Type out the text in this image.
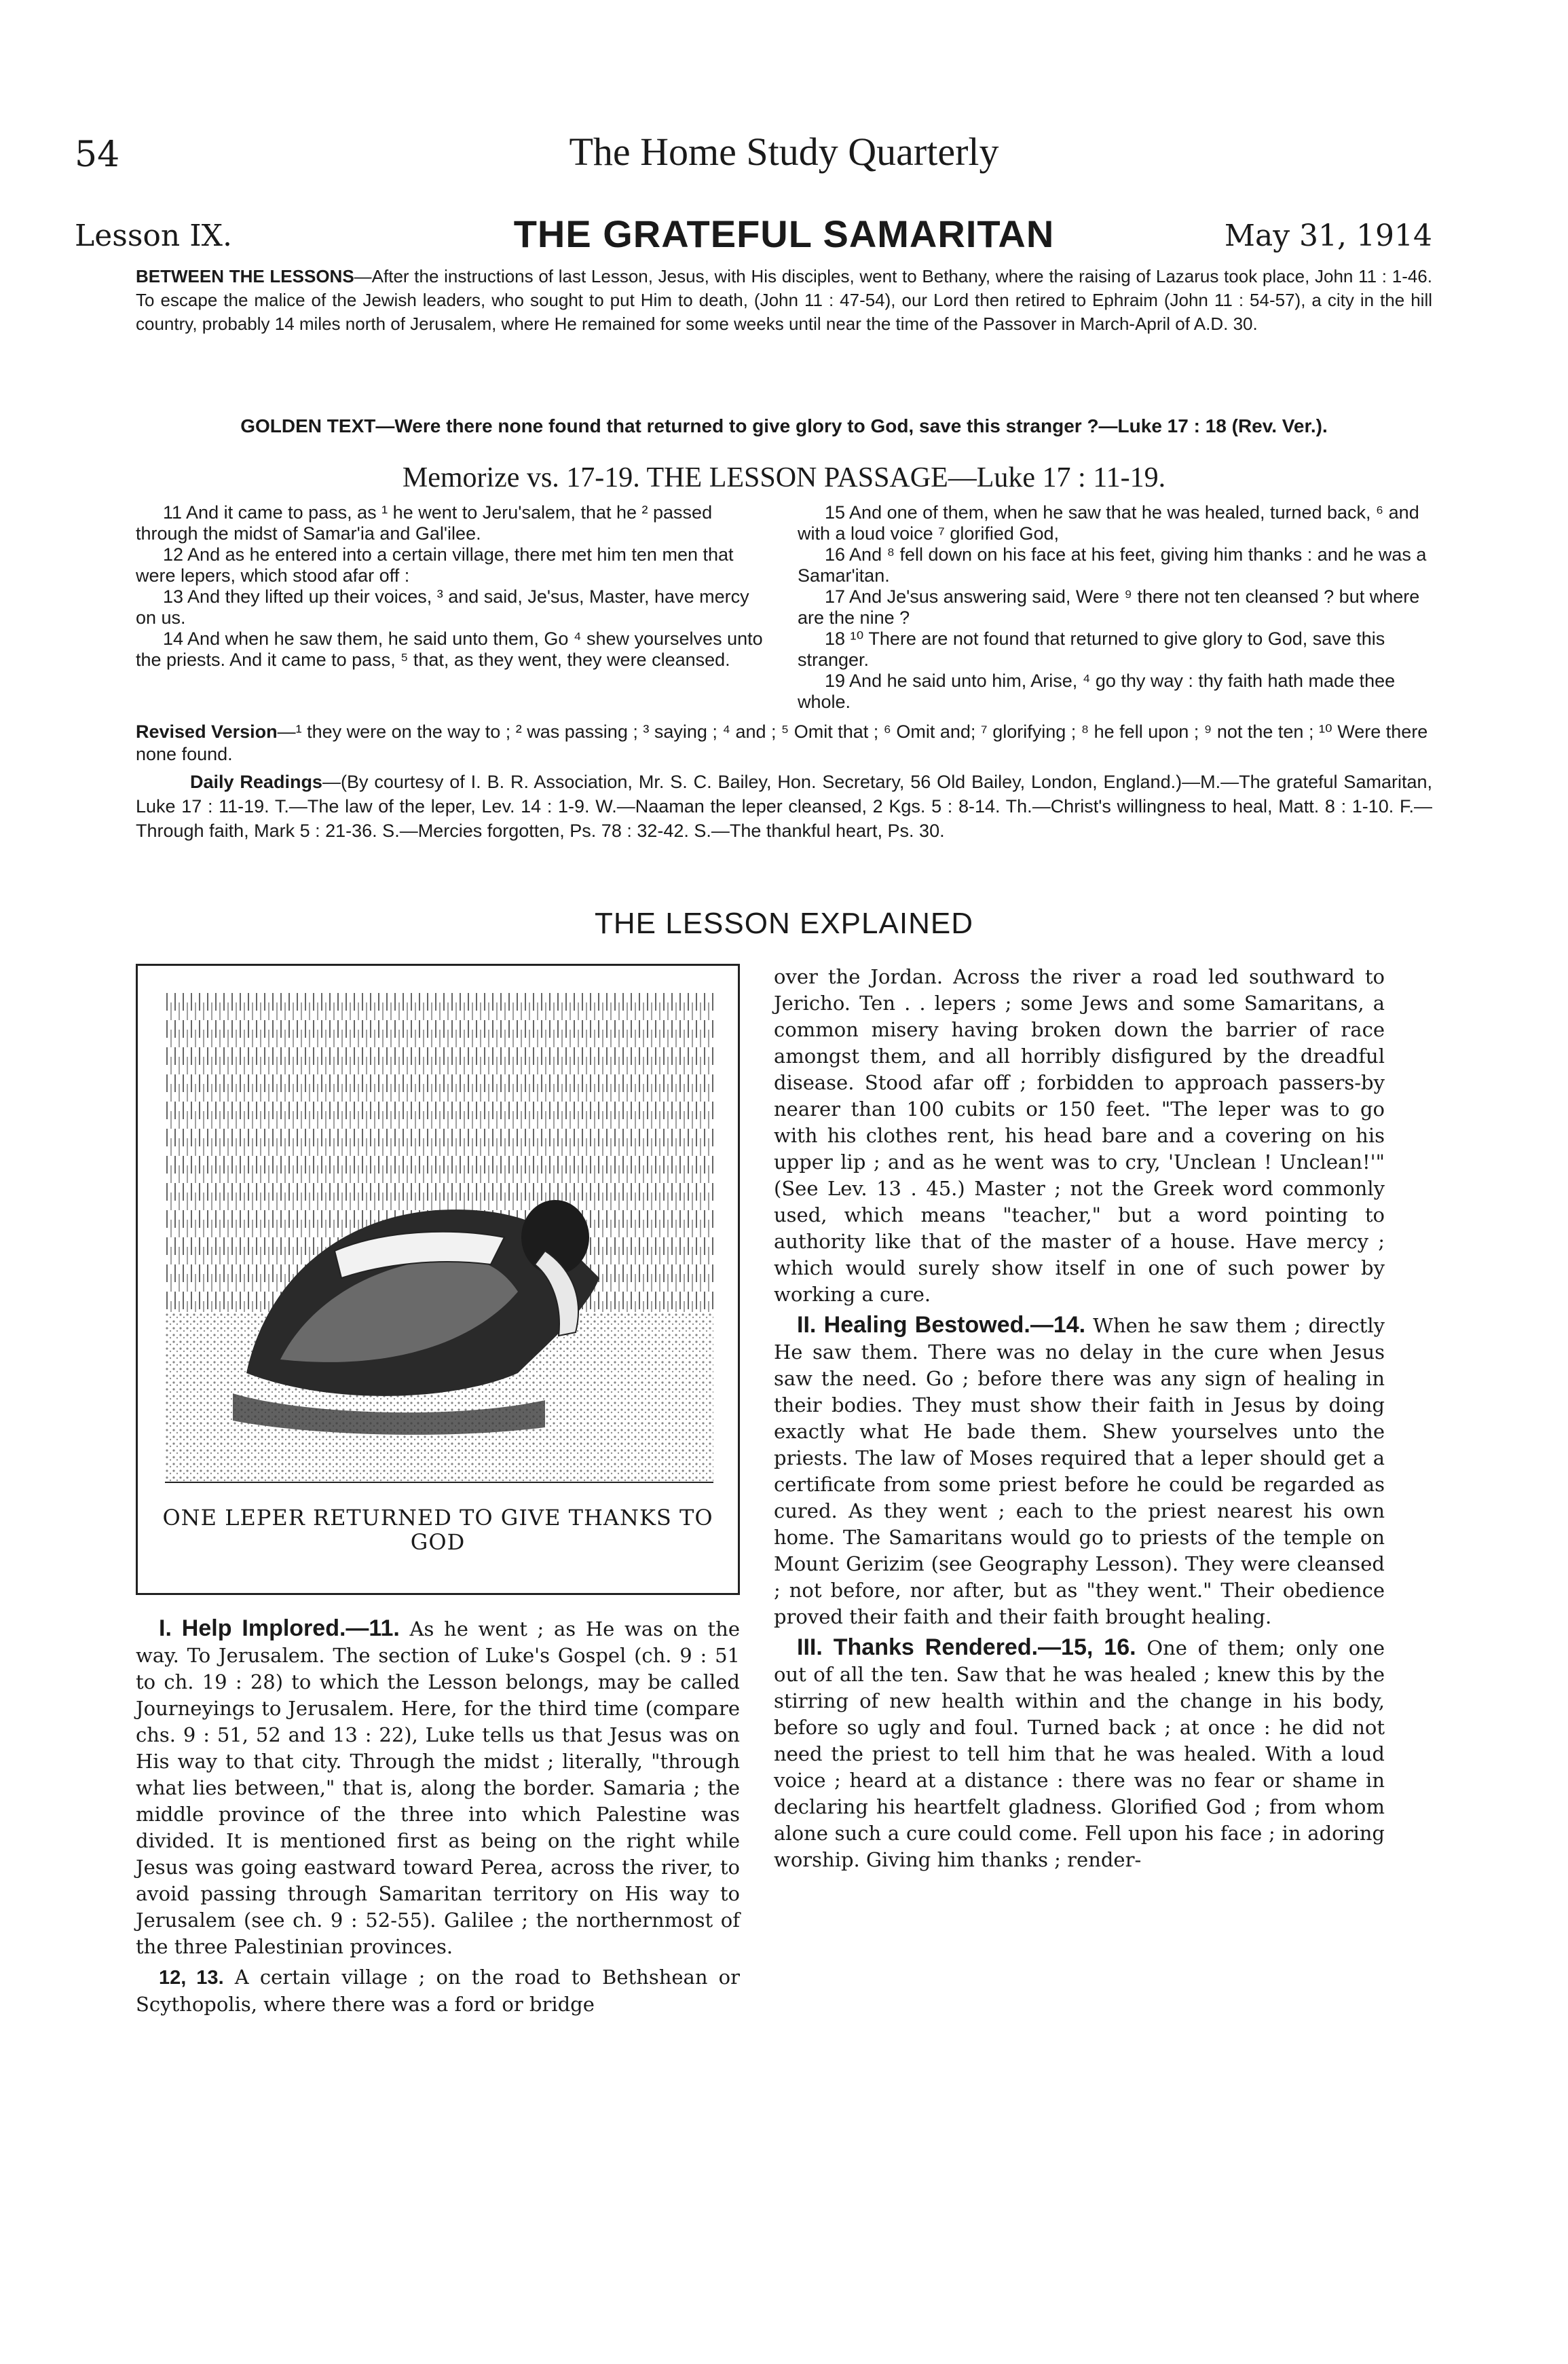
54	The Home Study Quarterly
Lesson IX.	THE GRATEFUL SAMARITAN	May 31, 1914
BETWEEN THE LESSONS—After the instructions of last Lesson, Jesus, with His disciples, went to Bethany, where the raising of Lazarus took place, John 11 : 1-46. To escape the malice of the Jewish leaders, who sought to put Him to death, (John 11 : 47-54), our Lord then retired to Ephraim (John 11 : 54-57), a city in the hill country, probably 14 miles north of Jerusalem, where He remained for some weeks until near the time of the Passover in March-April of A.D. 30.
GOLDEN TEXT—Were there none found that returned to give glory to God, save this stranger ?—Luke 17 : 18 (Rev. Ver.).
Memorize vs. 17-19. THE LESSON PASSAGE—Luke 17 : 11-19.

11 And it came to pass, as ¹ he went to Jeru'salem, that he ² passed through the midst of Samar'ia and Gal'ilee.

12 And as he entered into a certain village, there met him ten men that were lepers, which stood afar off :

13 And they lifted up their voices, ³ and said, Je'sus, Master, have mercy on us.

14 And when he saw them, he said unto them, Go ⁴ shew yourselves unto the priests. And it came to pass, ⁵ that, as they went, they were cleansed.

15 And one of them, when he saw that he was healed, turned back, ⁶ and with a loud voice ⁷ glorified God,

16 And ⁸ fell down on his face at his feet, giving him thanks : and he was a Samar'itan.

17 And Je'sus answering said, Were ⁹ there not ten cleansed ? but where are the nine ?

18 ¹⁰ There are not found that returned to give glory to God, save this stranger.

19 And he said unto him, Arise, ⁴ go thy way : thy faith hath made thee whole.

Revised Version—¹ they were on the way to ; ² was passing ; ³ saying ; ⁴ and ; ⁵ Omit that ; ⁶ Omit and; ⁷ glorifying ; ⁸ he fell upon ; ⁹ not the ten ; ¹⁰ Were there none found.
Daily Readings—(By courtesy of I. B. R. Association, Mr. S. C. Bailey, Hon. Secretary, 56 Old Bailey, London, England.)—M.—The grateful Samaritan, Luke 17 : 11-19. T.—The law of the leper, Lev. 14 : 1-9. W.—Naaman the leper cleansed, 2 Kgs. 5 : 8-14. Th.—Christ's willingness to heal, Matt. 8 : 1-10. F.—Through faith, Mark 5 : 21-36. S.—Mercies forgotten, Ps. 78 : 32-42. S.—The thankful heart, Ps. 30.
THE LESSON EXPLAINED
ONE LEPER RETURNED TO GIVE THANKS TO GOD

I. Help Implored.—11. As he went ; as He was on the way. To Jerusalem. The section of Luke's Gospel (ch. 9 : 51 to ch. 19 : 28) to which the Lesson belongs, may be called Journeyings to Jerusalem. Here, for the third time (compare chs. 9 : 51, 52 and 13 : 22), Luke tells us that Jesus was on His way to that city. Through the midst ; literally, "through what lies between," that is, along the border. Samaria ; the middle province of the three into which Palestine was divided. It is mentioned first as being on the right while Jesus was going eastward toward Perea, across the river, to avoid passing through Samaritan territory on His way to Jerusalem (see ch. 9 : 52-55). Galilee ; the northernmost of the three Palestinian provinces.

12, 13. A certain village ; on the road to Bethshean or Scythopolis, where there was a ford or bridge

over the Jordan. Across the river a road led southward to Jericho. Ten . . lepers ; some Jews and some Samaritans, a common misery having broken down the barrier of race amongst them, and all horribly disfigured by the dreadful disease. Stood afar off ; forbidden to approach passers-by nearer than 100 cubits or 150 feet. "The leper was to go with his clothes rent, his head bare and a covering on his upper lip ; and as he went was to cry, 'Unclean ! Unclean!'" (See Lev. 13 . 45.) Master ; not the Greek word commonly used, which means "teacher," but a word pointing to authority like that of the master of a house. Have mercy ; which would surely show itself in one of such power by working a cure.

II. Healing Bestowed.—14. When he saw them ; directly He saw them. There was no delay in the cure when Jesus saw the need. Go ; before there was any sign of healing in their bodies. They must show their faith in Jesus by doing exactly what He bade them. Shew yourselves unto the priests. The law of Moses required that a leper should get a certificate from some priest before he could be regarded as cured. As they went ; each to the priest nearest his own home. The Samaritans would go to priests of the temple on Mount Gerizim (see Geography Lesson). They were cleansed ; not before, nor after, but as "they went." Their obedience proved their faith and their faith brought healing.

III. Thanks Rendered.—15, 16. One of them; only one out of all the ten. Saw that he was healed ; knew this by the stirring of new health within and the change in his body, before so ugly and foul. Turned back ; at once : he did not need the priest to tell him that he was healed. With a loud voice ; heard at a distance : there was no fear or shame in declaring his heartfelt gladness. Glorified God ; from whom alone such a cure could come. Fell upon his face ; in adoring worship. Giving him thanks ; render-
